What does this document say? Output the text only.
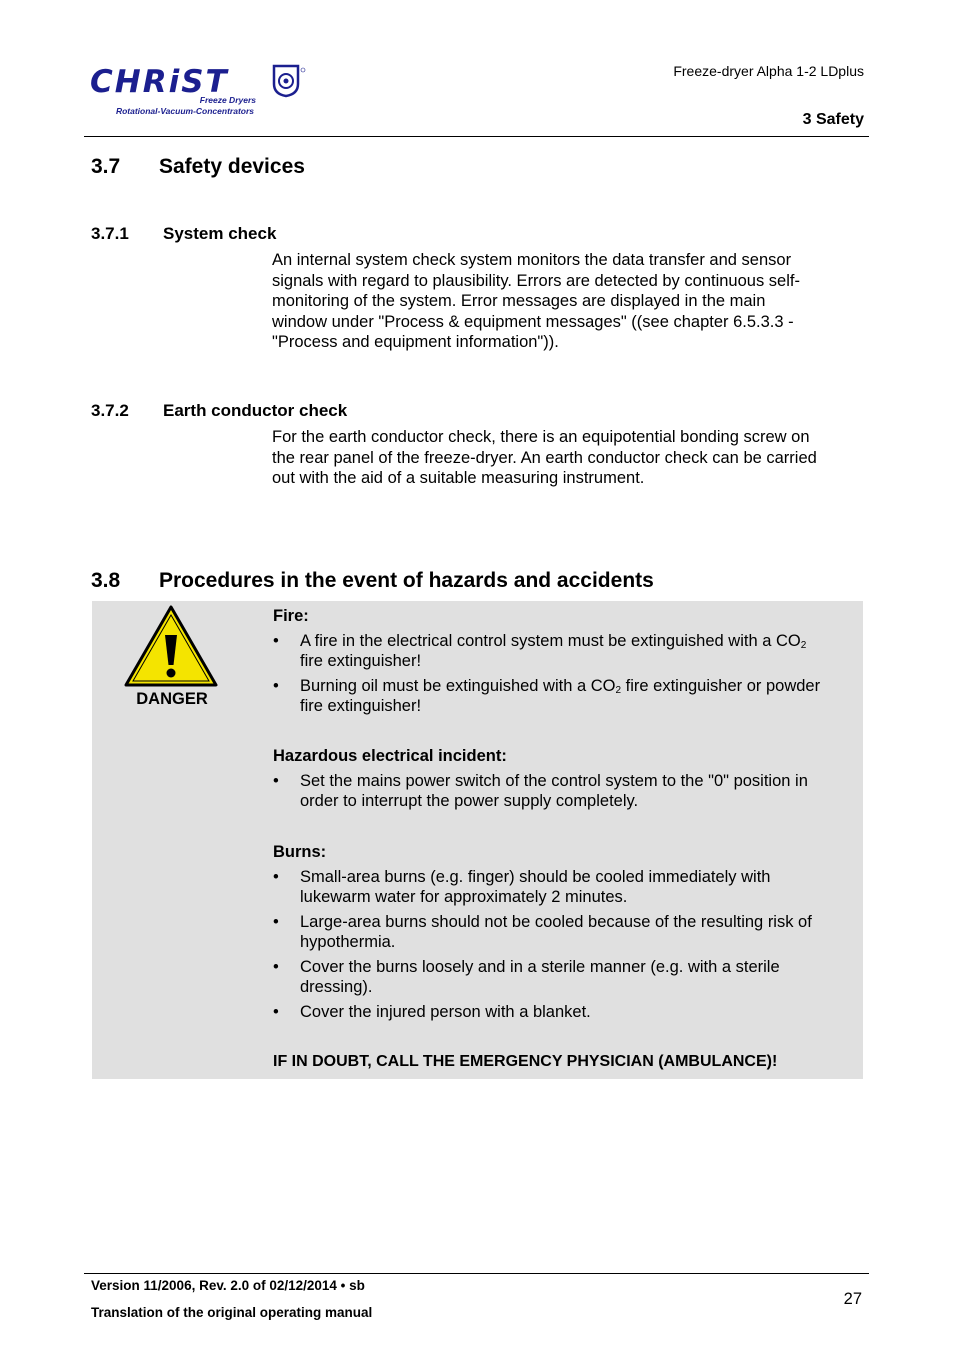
CHRiST
Freeze Dryers
Rotational-Vacuum-Concentrators
Freeze-dryer Alpha 1-2 LDplus
3 Safety
3.7 Safety devices
3.7.1 System check
An internal system check system monitors the data transfer and sensor
signals with regard to plausibility. Errors are detected by continuous self-
monitoring of the system. Error messages are displayed in the main
window under "Process & equipment messages" ((see chapter 6.5.3.3 -
"Process and equipment information")).
3.7.2 Earth conductor check
For the earth conductor check, there is an equipotential bonding screw on
the rear panel of the freeze-dryer. An earth conductor check can be carried
out with the aid of a suitable measuring instrument.
3.8 Procedures in the event of hazards and accidents
DANGER
Fire:
• A fire in the electrical control system must be extinguished with a $CO_2$
fire extinguisher!
• Burning oil must be extinguished with a $CO_2$ fire extinguisher or powder
fire extinguisher!
Hazardous electrical incident:
• Set the mains power switch of the control system to the "0" position in
order to interrupt the power supply completely.
Burns:
• Small-area burns (e.g. finger) should be cooled immediately with
lukewarm water for approximately 2 minutes.
• Large-area burns should not be cooled because of the resulting risk of
hypothermia.
• Cover the burns loosely and in a sterile manner (e.g. with a sterile
dressing).
• Cover the injured person with a blanket.
IF IN DOUBT, CALL THE EMERGENCY PHYSICIAN (AMBULANCE)!
Version 11/2006, Rev. 2.0 of 02/12/2014 • sb
Translation of the original operating manual
27
